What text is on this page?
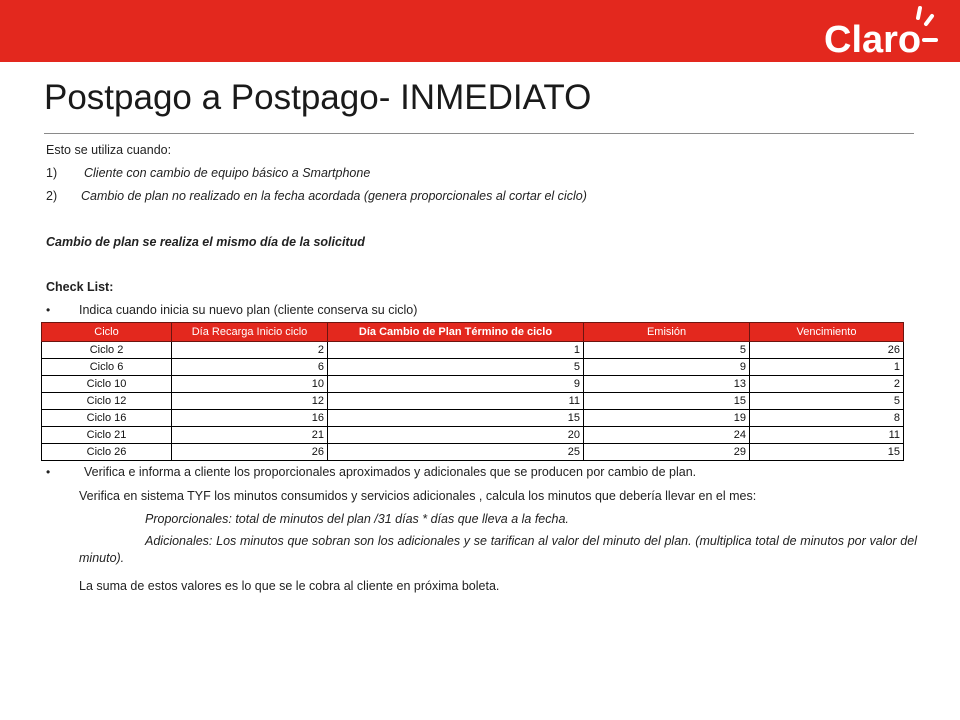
Claro
Postpago a Postpago- INMEDIATO
Esto se utiliza cuando:
1) Cliente con cambio de equipo básico a Smartphone
2) Cambio de plan no realizado en la fecha acordada (genera proporcionales al cortar el ciclo)
Cambio de plan se realiza el mismo día de la solicitud
Check List:
• Indica cuando inicia su nuevo plan (cliente conserva su ciclo)
Ciclo	Día Recarga Inicio ciclo	Día Cambio de Plan Término de ciclo	Emisión	Vencimiento
Ciclo 2	2	1	5	26
Ciclo 6	6	5	9	1
Ciclo 10	10	9	13	2
Ciclo 12	12	11	15	5
Ciclo 16	16	15	19	8
Ciclo 21	21	20	24	11
Ciclo 26	26	25	29	15
•	Verifica e informa a cliente los proporcionales aproximados y adicionales que se producen por cambio de plan.
Verifica en sistema TYF los minutos consumidos y servicios adicionales , calcula los minutos que debería llevar en el mes:
Proporcionales: total de minutos del plan /31 días * días que lleva a la fecha.
Adicionales: Los minutos que sobran son los adicionales y se tarifican al valor del minuto del plan. (multiplica total de minutos por valor del minuto).
La suma de estos valores es lo que se le cobra al cliente en próxima boleta.
